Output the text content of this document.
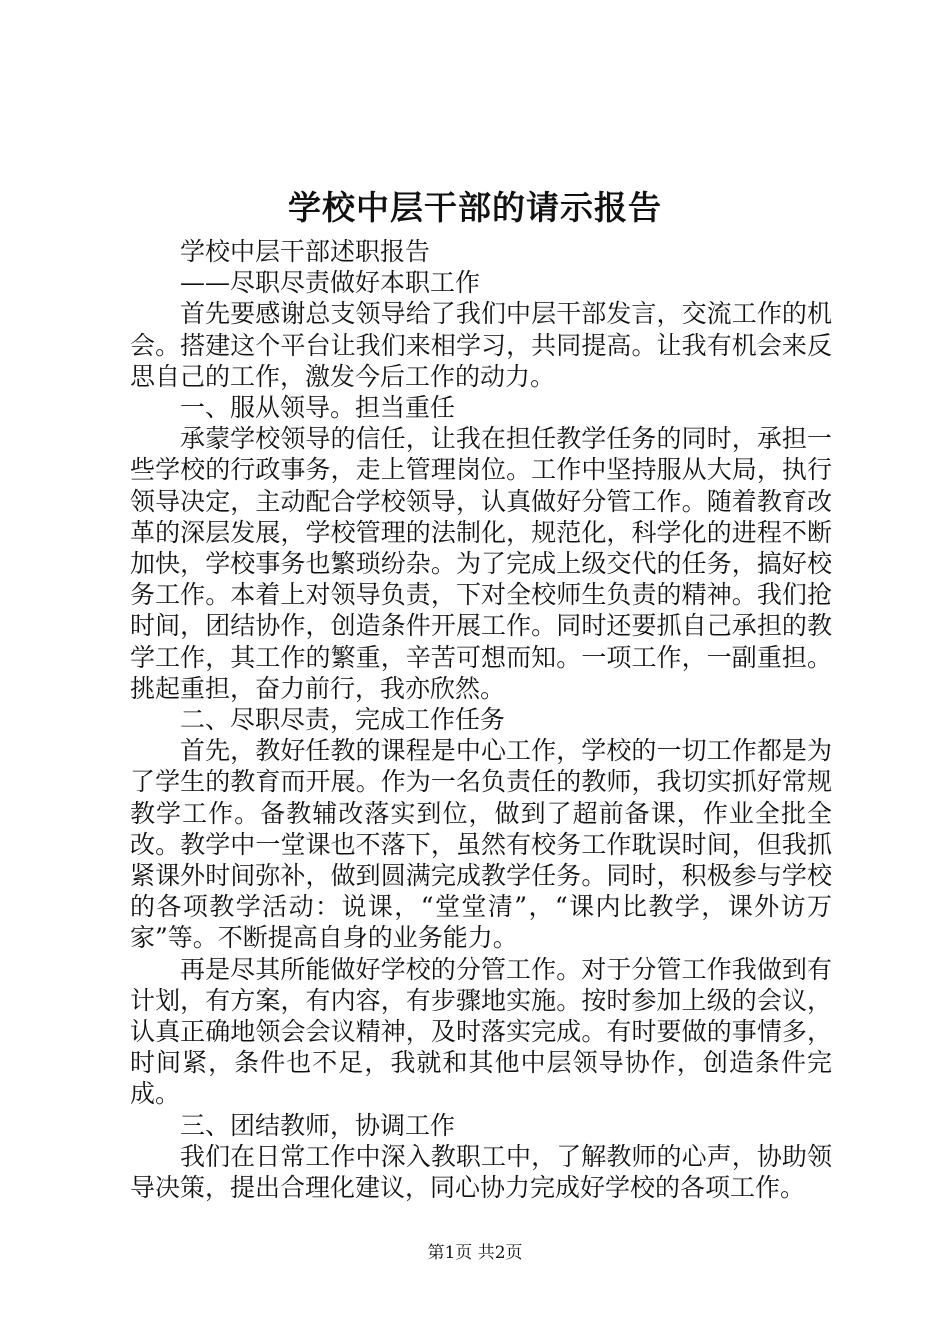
学校中层干部的请示报告

学校中层干部述职报告

——尽职尽责做好本职工作

首先要感谢总支领导给了我们中层干部发言，交流工作的机会。搭建这个平台让我们来相学习，共同提高。让我有机会来反思自己的工作，激发今后工作的动力。

一、服从领导。担当重任

承蒙学校领导的信任，让我在担任教学任务的同时，承担一些学校的行政事务，走上管理岗位。工作中坚持服从大局，执行领导决定，主动配合学校领导，认真做好分管工作。随着教育改革的深层发展，学校管理的法制化，规范化，科学化的进程不断加快，学校事务也繁琐纷杂。为了完成上级交代的任务，搞好校务工作。本着上对领导负责，下对全校师生负责的精神。我们抢时间，团结协作，创造条件开展工作。同时还要抓自己承担的教学工作，其工作的繁重，辛苦可想而知。一项工作，一副重担。挑起重担，奋力前行，我亦欣然。

二、尽职尽责，完成工作任务

首先，教好任教的课程是中心工作，学校的一切工作都是为了学生的教育而开展。作为一名负责任的教师，我切实抓好常规教学工作。备教辅改落实到位，做到了超前备课，作业全批全改。教学中一堂课也不落下，虽然有校务工作耽误时间，但我抓紧课外时间弥补，做到圆满完成教学任务。同时，积极参与学校的各项教学活动：说课，“堂堂清”，“课内比教学，课外访万家”等。不断提高自身的业务能力。

再是尽其所能做好学校的分管工作。对于分管工作我做到有计划，有方案，有内容，有步骤地实施。按时参加上级的会议，认真正确地领会会议精神，及时落实完成。有时要做的事情多，时间紧，条件也不足，我就和其他中层领导协作，创造条件完成。

三、团结教师，协调工作

我们在日常工作中深入教职工中，了解教师的心声，协助领导决策，提出合理化建议，同心协力完成好学校的各项工作。

第1页 共2页
